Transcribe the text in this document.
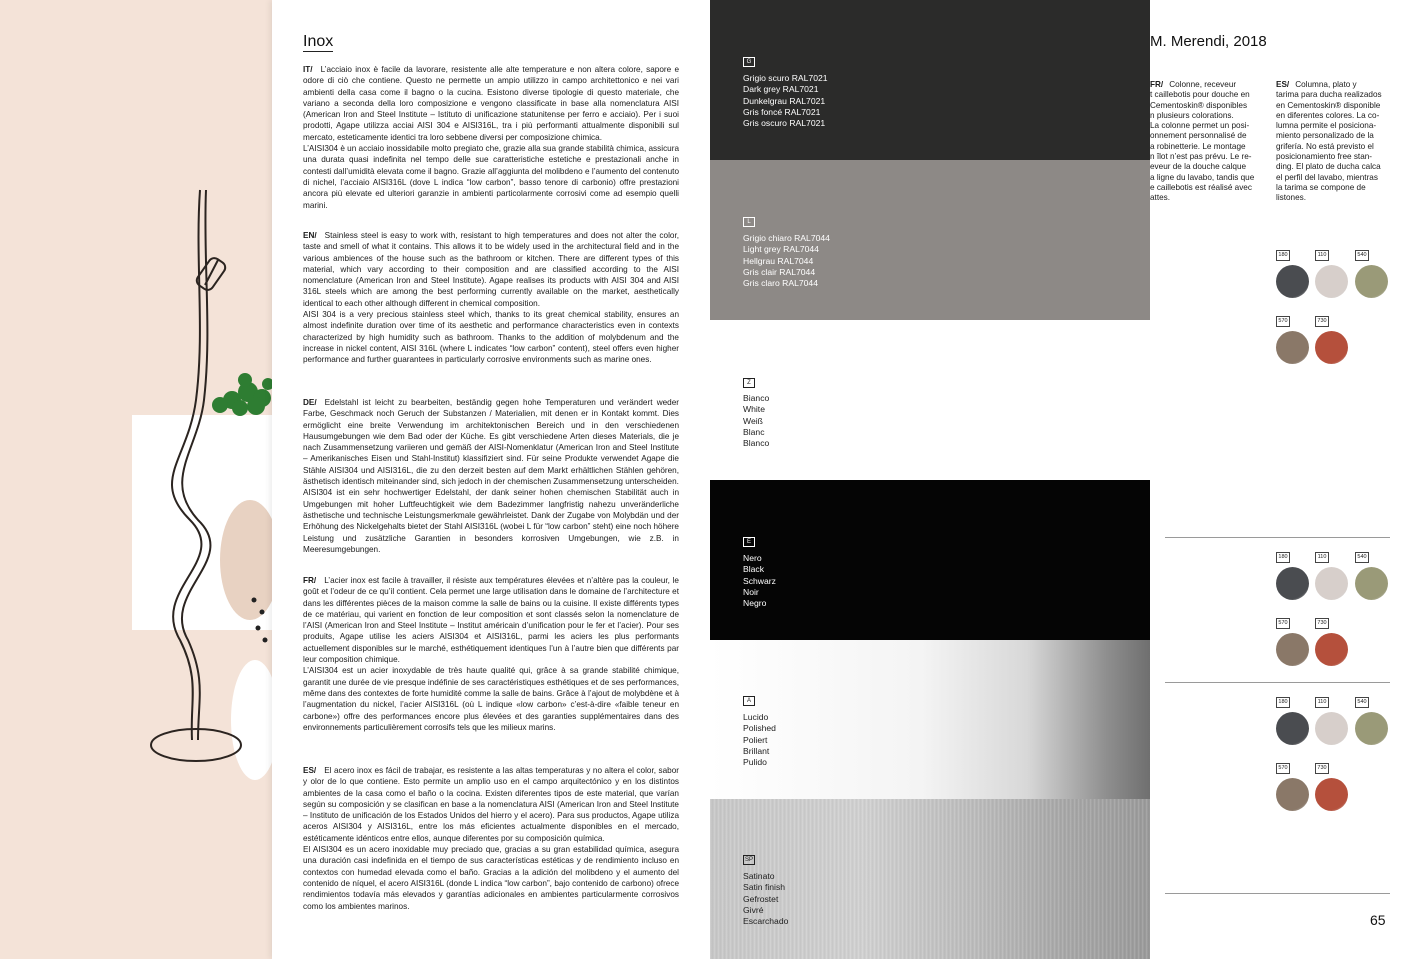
Inox

IT/ L’acciaio inox è facile da lavorare, resistente alle alte temperature e non altera colore, sapore e odore di ciò che contiene. Questo ne permette un ampio utilizzo in campo architettonico e nei vari ambienti della casa come il bagno o la cucina. Esistono diverse tipologie di questo materiale, che variano a seconda della loro composizione e vengono classificate in base alla nomenclatura AISI (American Iron and Steel Institute – Istituto di unificazione statunitense per ferro e acciaio). Per i suoi prodotti, Agape utilizza acciai AISI 304 e AISI316L, tra i più performanti attualmente disponibili sul mercato, esteticamente identici tra loro sebbene diversi per composizione chimica.

L’AISI304 è un acciaio inossidabile molto pregiato che, grazie alla sua grande stabilità chimica, assicura una durata quasi indefinita nel tempo delle sue caratteristiche estetiche e prestazionali anche in contesti dall’umidità elevata come il bagno. Grazie all’aggiunta del molibdeno e l’aumento del contenuto di nichel, l’acciaio AISI316L (dove L indica “low carbon”, basso tenore di carbonio) offre prestazioni ancora più elevate ed ulteriori garanzie in ambienti particolarmente corrosivi come ad esempio quelli marini.

EN/ Stainless steel is easy to work with, resistant to high temperatures and does not alter the color, taste and smell of what it contains. This allows it to be widely used in the architectural field and in the various ambiences of the house such as the bathroom or kitchen. There are different types of this material, which vary according to their composition and are classified according to the AISI nomenclature (American Iron and Steel Institute). Agape realises its products with AISI 304 and AISI 316L steels which are among the best performing currently available on the market, aesthetically identical to each other although different in chemical composition.

AISI 304 is a very precious stainless steel which, thanks to its great chemical stability, ensures an almost indefinite duration over time of its aesthetic and performance characteristics even in contexts characterized by high humidity such as bathroom. Thanks to the addition of molybdenum and the increase in nickel content, AISI 316L (where L indicates “low carbon” content), steel offers even higher performance and further guarantees in particularly corrosive environments such as marine ones.

DE/ Edelstahl ist leicht zu bearbeiten, beständig gegen hohe Temperaturen und verändert weder Farbe, Geschmack noch Geruch der Substanzen / Materialien, mit denen er in Kontakt kommt. Dies ermöglicht eine breite Verwendung im architektonischen Bereich und in den verschiedenen Hausumgebungen wie dem Bad oder der Küche. Es gibt verschiedene Arten dieses Materials, die je nach Zusammensetzung variieren und gemäß der AISI-Nomenklatur (American Iron and Steel Institute – Amerikanisches Eisen und Stahl-Institut) klassifiziert sind. Für seine Produkte verwendet Agape die Stähle AISI304 und AISI316L, die zu den derzeit besten auf dem Markt erhältlichen Stählen gehören, ästhetisch identisch miteinander sind, sich jedoch in der chemischen Zusammensetzung unterscheiden.

AISI304 ist ein sehr hochwertiger Edelstahl, der dank seiner hohen chemischen Stabilität auch in Umgebungen mit hoher Luftfeuchtigkeit wie dem Badezimmer langfristig nahezu unveränderliche ästhetische und technische Leistungsmerkmale gewährleistet. Dank der Zugabe von Molybdän und der Erhöhung des Nickelgehalts bietet der Stahl AISI316L (wobei L für “low carbon” steht) eine noch höhere Leistung und zusätzliche Garantien in besonders korrosiven Umgebungen, wie z.B. in Meeresumgebungen.

FR/ L’acier inox est facile à travailler, il résiste aux températures élevées et n’altère pas la couleur, le goût et l’odeur de ce qu’il contient. Cela permet une large utilisation dans le domaine de l’architecture et dans les différentes pièces de la maison comme la salle de bains ou la cuisine. Il existe différents types de ce matériau, qui varient en fonction de leur composition et sont classés selon la nomenclature de l’AISI (American Iron and Steel Institute – Institut américain d’unification pour le fer et l’acier). Pour ses produits, Agape utilise les aciers AISI304 et AISI316L, parmi les aciers les plus performants actuellement disponibles sur le marché, esthétiquement identiques l’un à l’autre bien que différents par leur composition chimique.

L’AISI304 est un acier inoxydable de très haute qualité qui, grâce à sa grande stabilité chimique, garantit une durée de vie presque indéfinie de ses caractéristiques esthétiques et de ses performances, même dans des contextes de forte humidité comme la salle de bains. Grâce à l’ajout de molybdène et à l’augmentation du nickel, l’acier AISI316L (où L indique «low carbon» c’est-à-dire «faible teneur en carbone») offre des performances encore plus élevées et des garanties supplémentaires dans des environnements particulièrement corrosifs tels que les milieux marins.

ES/ El acero inox es fácil de trabajar, es resistente a las altas temperaturas y no altera el color, sabor y olor de lo que contiene. Esto permite un amplio uso en el campo arquitectónico y en los distintos ambientes de la casa como el baño o la cocina. Existen diferentes tipos de este material, que varían según su composición y se clasifican en base a la nomenclatura AISI (American Iron and Steel Institute – Instituto de unificación de los Estados Unidos del hierro y el acero). Para sus productos, Agape utiliza aceros AISI304 y AISI316L, entre los más eficientes actualmente disponibles en el mercado, estéticamente idénticos entre ellos, aunque diferentes por su composición química.

El AISI304 es un acero inoxidable muy preciado que, gracias a su gran estabilidad química, asegura una duración casi indefinida en el tiempo de sus características estéticas y de rendimiento incluso en contextos con humedad elevada como el baño. Gracias a la adición del molibdeno y el aumento del contenido de níquel, el acero AISI316L (donde L indica “low carbon”, bajo contenido de carbono) ofrece rendimientos todavía más elevados y garantías adicionales en ambientes particularmente corrosivos como los ambientes marinos.

G
Grigio scuro RAL7021
Dark grey RAL7021
Dunkelgrau RAL7021
Gris foncé RAL7021
Gris oscuro RAL7021
L
Grigio chiaro RAL7044
Light grey RAL7044
Hellgrau RAL7044
Gris clair RAL7044
Gris claro RAL7044
Z
Bianco
White
Weiß
Blanc
Blanco
E
Nero
Black
Schwarz
Noir
Negro
A
Lucido
Polished
Poliert
Brillant
Pulido
SP
Satinato
Satin finish
Gefrostet
Givré
Escarchado
M. Merendi, 2018
FR/ Colonne, receveur
t caillebotis pour douche en
Cementoskin® disponibles
n plusieurs colorations.
La colonne permet un posi-
onnement personnalisé de
a robinetterie. Le montage
n îlot n’est pas prévu. Le re-
eveur de la douche calque
a ligne du lavabo, tandis que
e caillebotis est réalisé avec
attes.
ES/ Columna, plato y
tarima para ducha realizados
en Cementoskin® disponible
en diferentes colores. La co-
lumna permite el posiciona-
miento personalizado de la
grifería. No está previsto el
posicionamiento free stan-
ding. El plato de ducha calca
el perfil del lavabo, mientras
la tarima se compone de
listones.
180	110	540
570	730
180	110	540
570	730
180	110	540
570	730

65
